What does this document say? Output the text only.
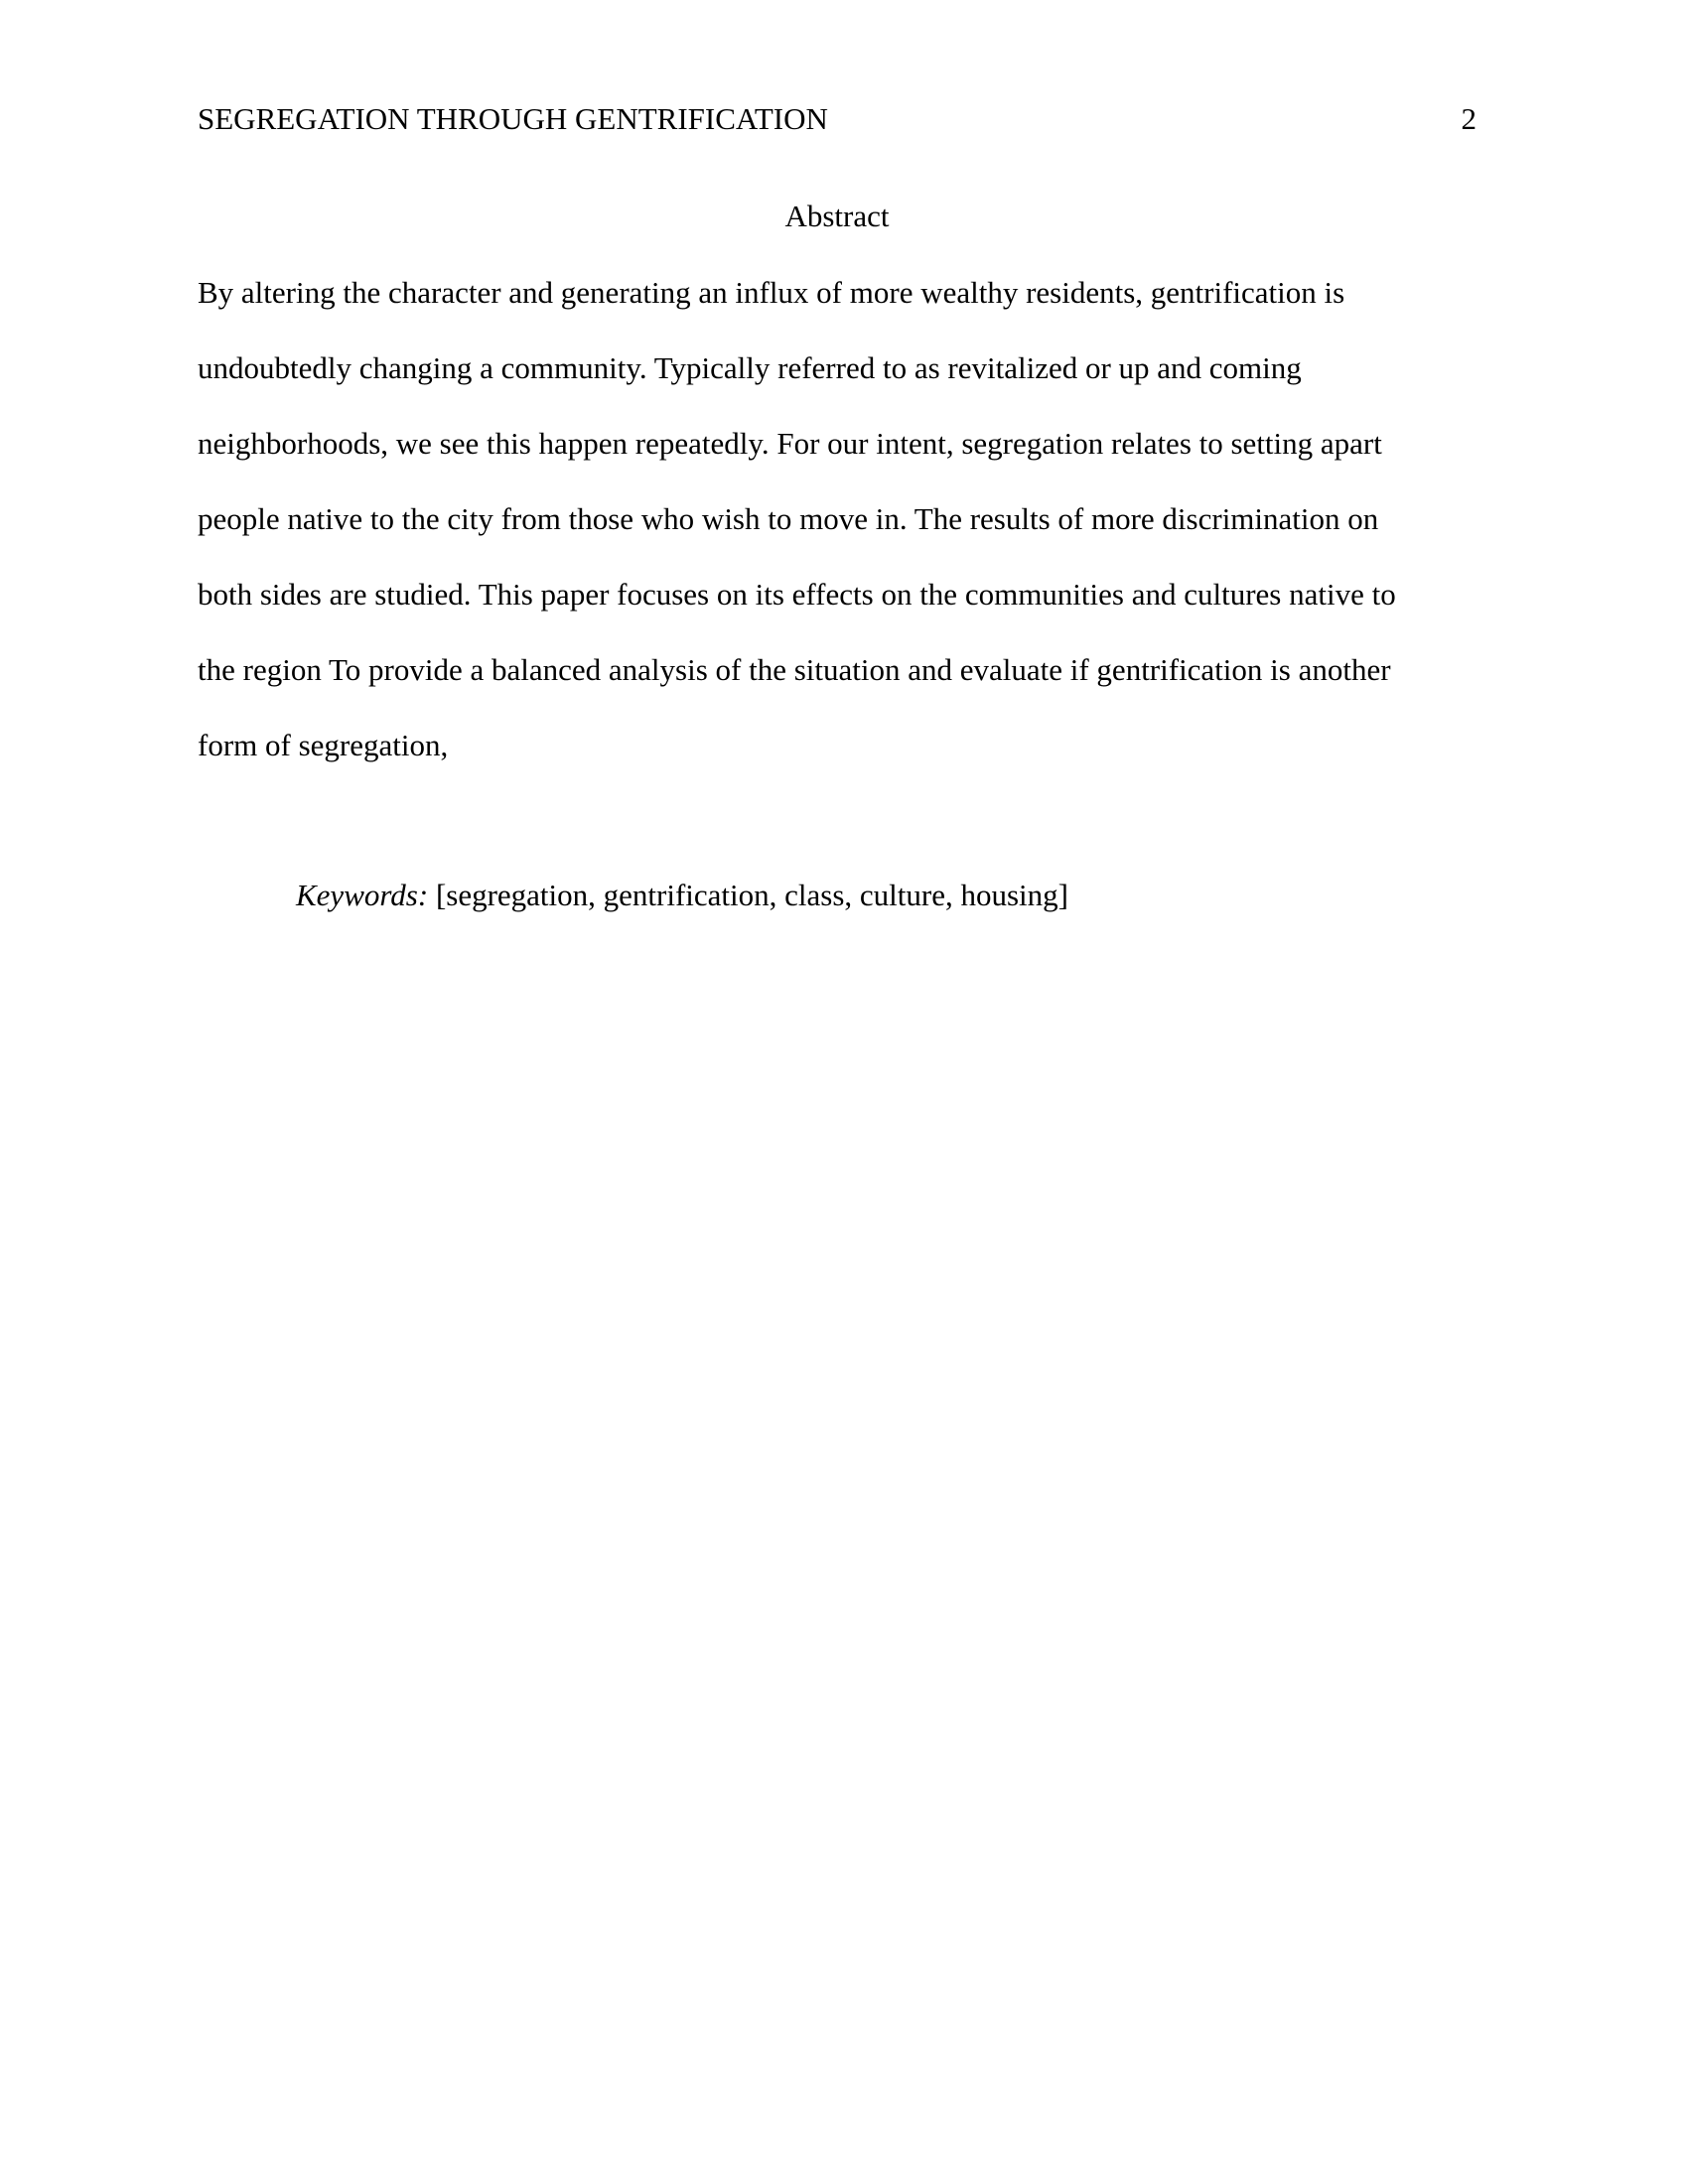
SEGREGATION THROUGH GENTRIFICATION	2
Abstract
By altering the character and generating an influx of more wealthy residents, gentrification is
undoubtedly changing a community. Typically referred to as revitalized or up and coming
neighborhoods, we see this happen repeatedly. For our intent, segregation relates to setting apart
people native to the city from those who wish to move in. The results of more discrimination on
both sides are studied. This paper focuses on its effects on the communities and cultures native to
the region To provide a balanced analysis of the situation and evaluate if gentrification is another
form of segregation,
Keywords: [segregation, gentrification, class, culture, housing]
